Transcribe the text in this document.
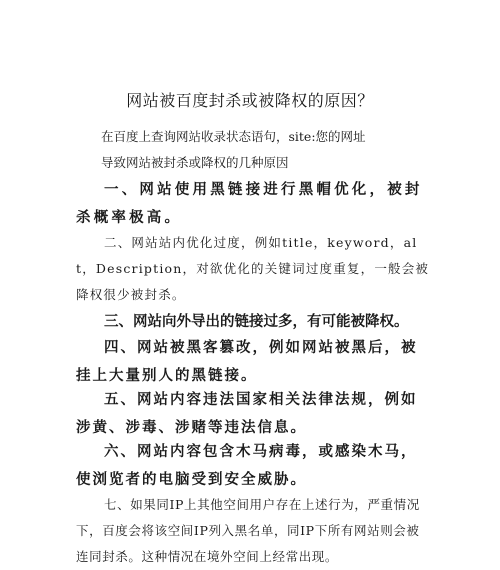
网站被百度封杀或被降权的原因？

在百度上查询网站收录状态语句，site:您的网址

导致网站被封杀或降权的几种原因

一、网站使用黑链接进行黑帽优化，被封杀概率极高。

二、网站站内优化过度，例如title，keyword，alt，Description，对欲优化的关键词过度重复，一般会被降权很少被封杀。

三、网站向外导出的链接过多，有可能被降权。

四、网站被黑客篡改，例如网站被黑后，被挂上大量别人的黑链接。

五、网站内容违法国家相关法律法规，例如涉黄、涉毒、涉赌等违法信息。

六、网站内容包含木马病毒，或感染木马，使浏览者的电脑受到安全威胁。

七、如果同IP上其他空间用户存在上述行为，严重情况下，百度会将该空间IP列入黑名单，同IP下所有网站则会被连同封杀。这种情况在境外空间上经常出现。
